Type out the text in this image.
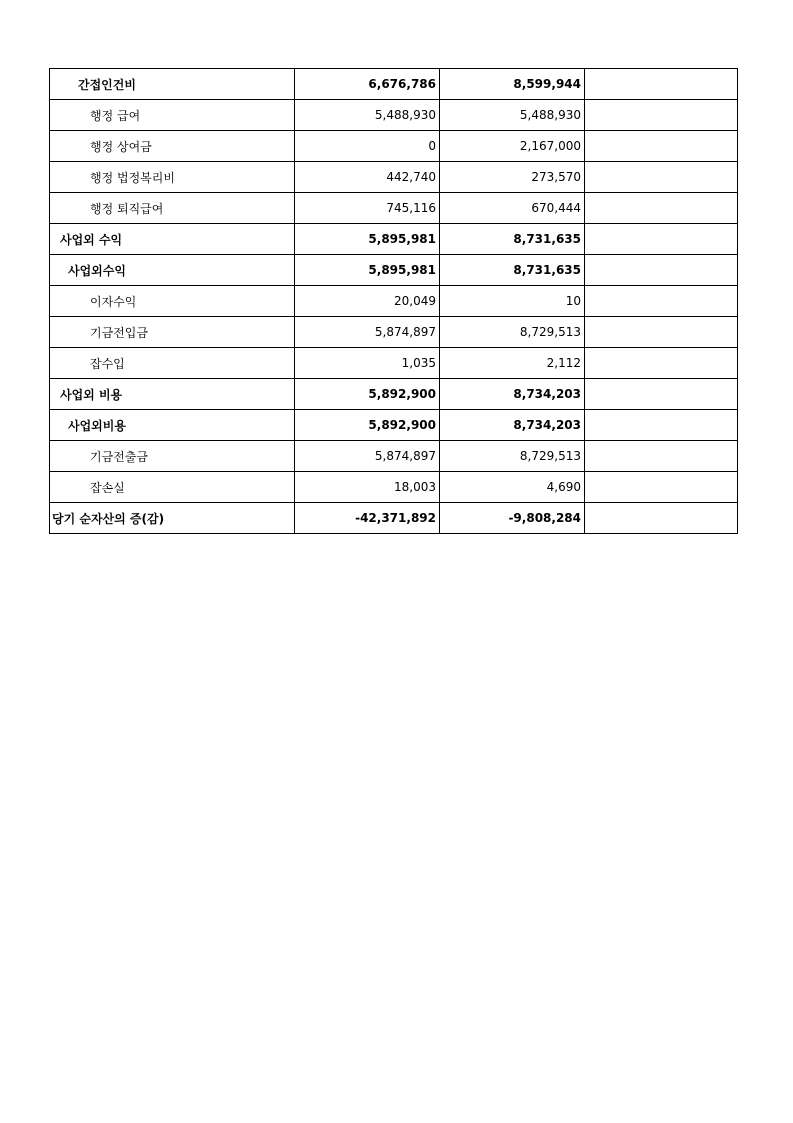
간접인건비	6,676,786	8,599,944	
행정 급여	5,488,930	5,488,930	
행정 상여금	0	2,167,000	
행정 법정복리비	442,740	273,570	
행정 퇴직급여	745,116	670,444	
사업외 수익	5,895,981	8,731,635	
사업외수익	5,895,981	8,731,635	
이자수익	20,049	10	
기금전입금	5,874,897	8,729,513	
잡수입	1,035	2,112	
사업외 비용	5,892,900	8,734,203	
사업외비용	5,892,900	8,734,203	
기금전출금	5,874,897	8,729,513	
잡손실	18,003	4,690	
당기 순자산의 증(감)	-42,371,892	-9,808,284	
